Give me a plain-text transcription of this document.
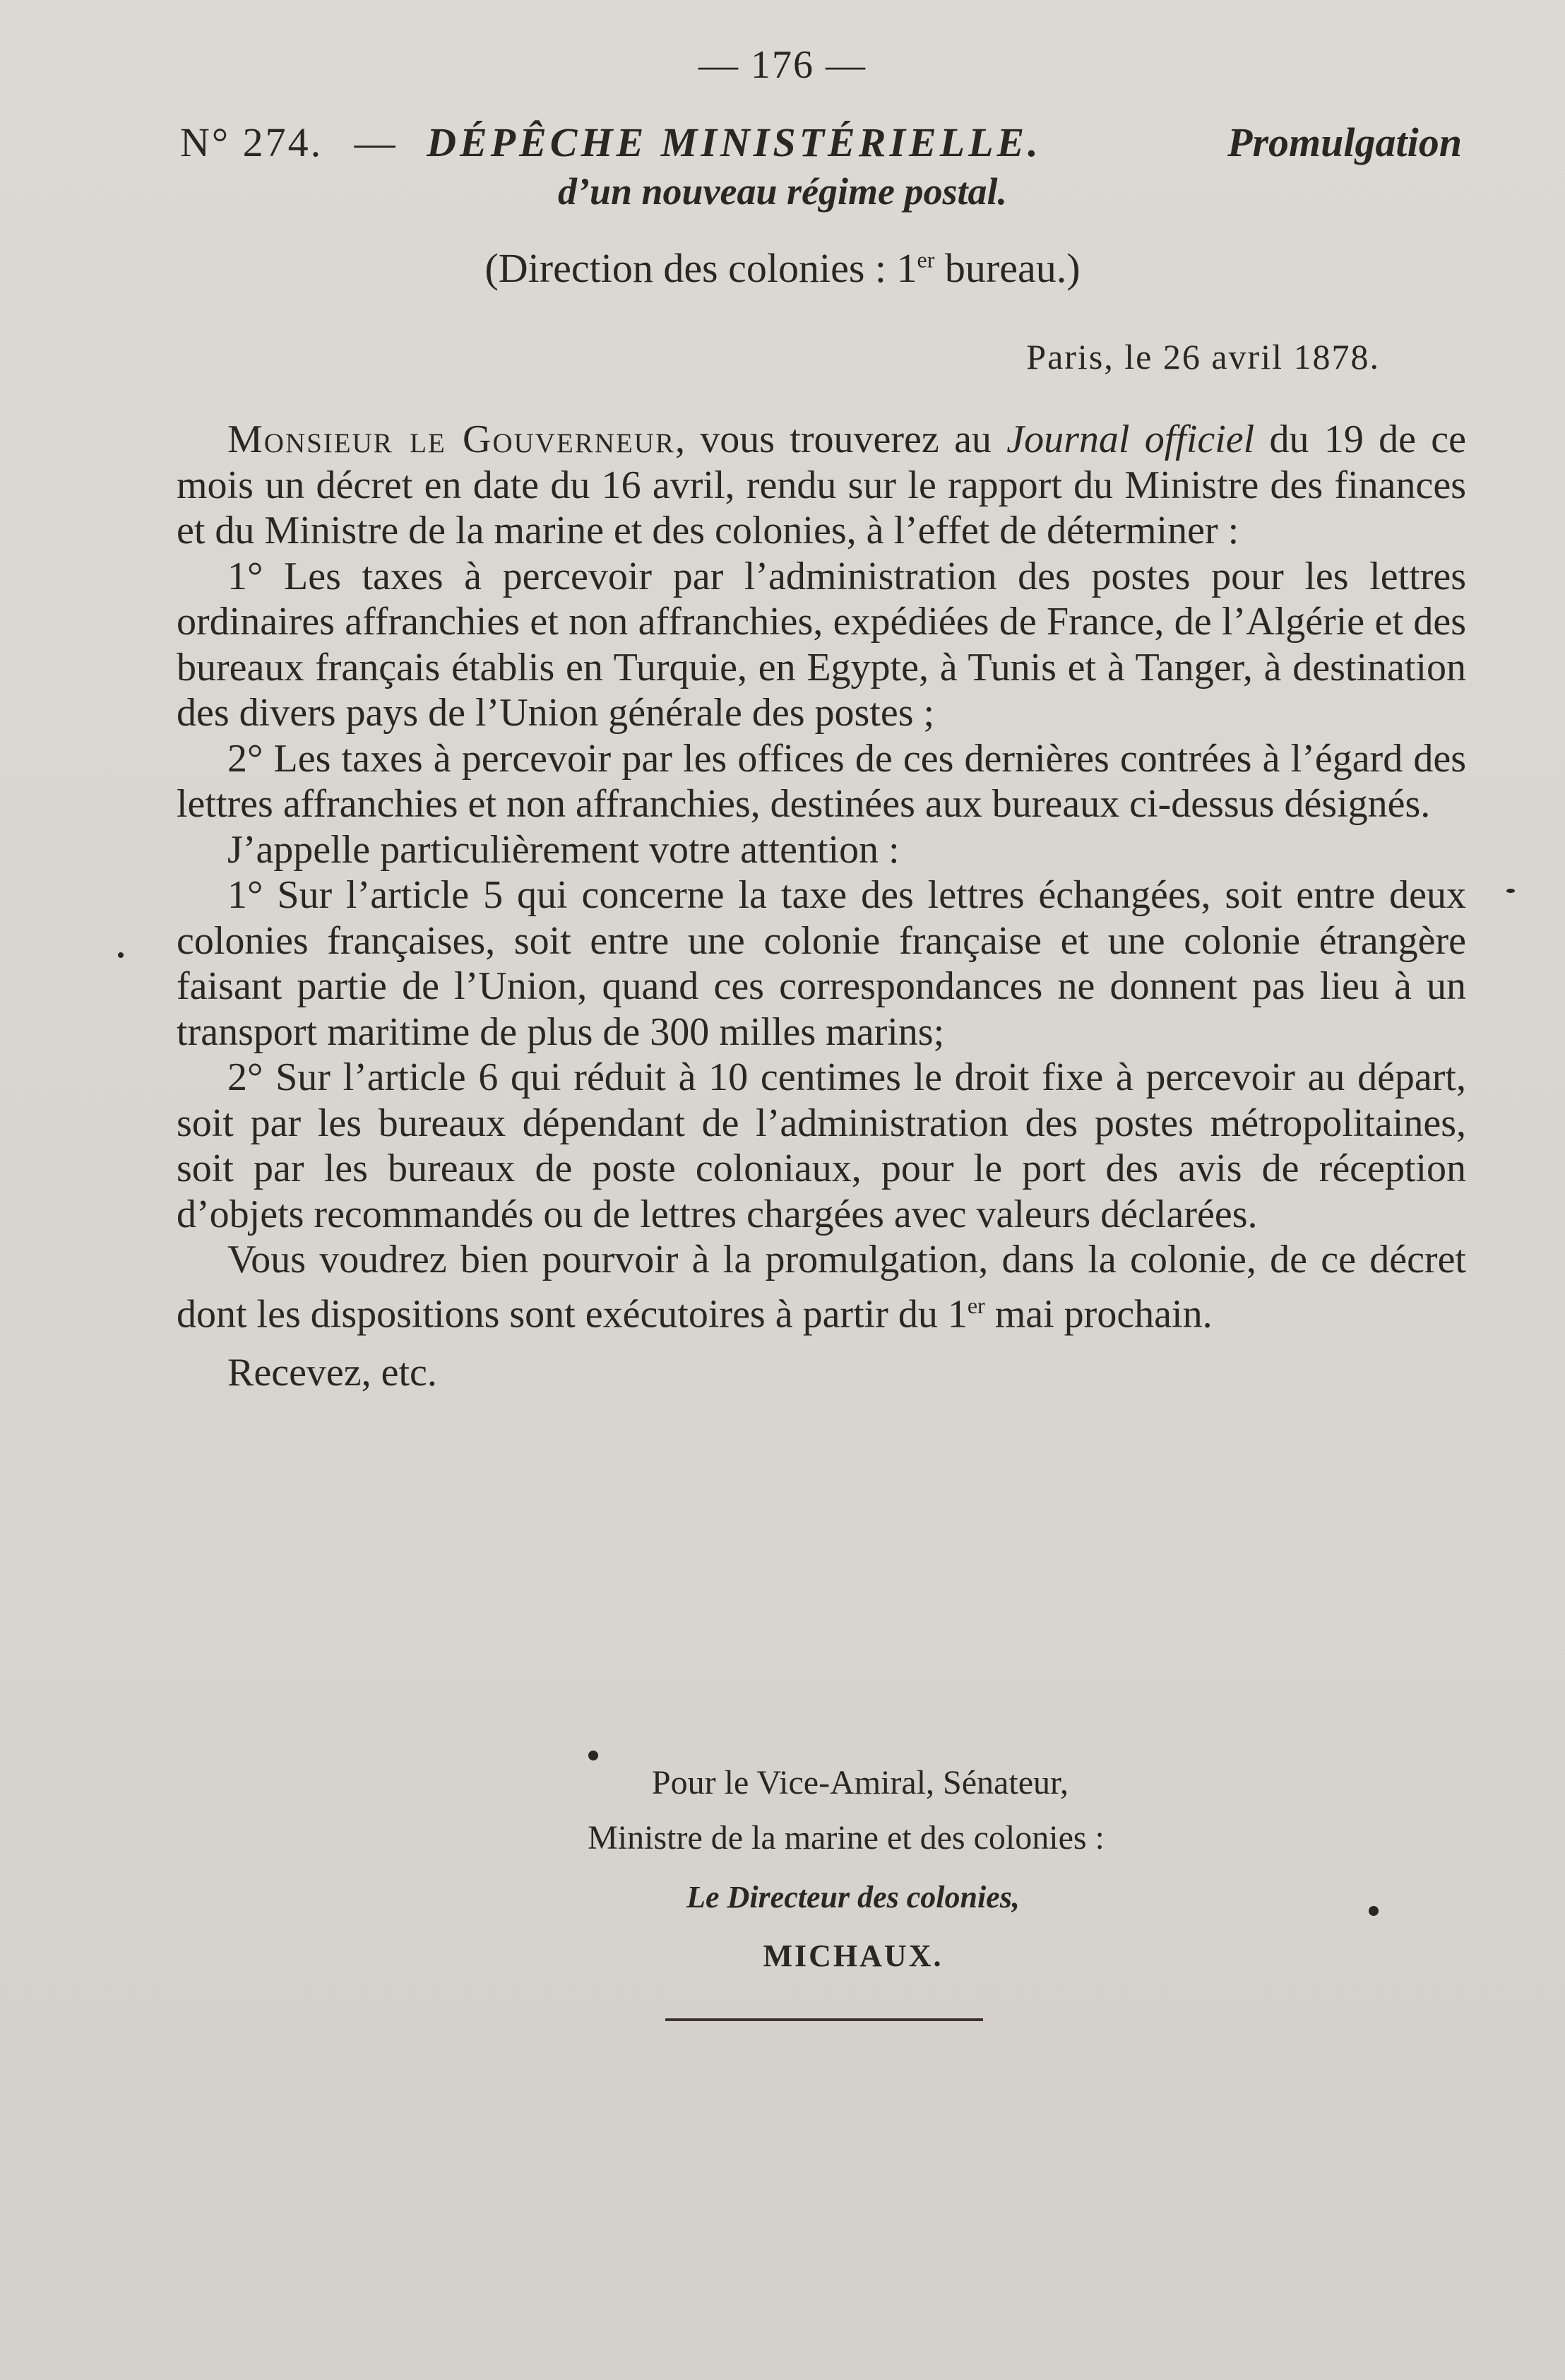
— 176 —
N° 274. — DÉPÊCHE MINISTÉRIELLE.	Promulgation
d’un nouveau régime postal.
(Direction des colonies : 1er bureau.)
Paris, le 26 avril 1878.

Monsieur le Gouverneur, vous trouverez au Journal officiel du 19 de ce mois un décret en date du 16 avril, rendu sur le rapport du Ministre des finances et du Ministre de la marine et des colonies, à l’effet de déterminer :

1° Les taxes à percevoir par l’administration des postes pour les lettres ordinaires affranchies et non affranchies, expédiées de France, de l’Algérie et des bureaux français établis en Turquie, en Egypte, à Tunis et à Tanger, à destination des divers pays de l’Union générale des postes ;

2° Les taxes à percevoir par les offices de ces dernières contrées à l’égard des lettres affranchies et non affranchies, destinées aux bureaux ci-dessus désignés.

J’appelle particulièrement votre attention :

1° Sur l’article 5 qui concerne la taxe des lettres échangées, soit entre deux colonies françaises, soit entre une colonie française et une colonie étrangère faisant partie de l’Union, quand ces correspondances ne donnent pas lieu à un transport maritime de plus de 300 milles marins;

2° Sur l’article 6 qui réduit à 10 centimes le droit fixe à percevoir au départ, soit par les bureaux dépendant de l’administration des postes métropolitaines, soit par les bureaux de poste coloniaux, pour le port des avis de réception d’objets recommandés ou de lettres chargées avec valeurs déclarées.

Vous voudrez bien pourvoir à la promulgation, dans la colonie, de ce décret dont les dispositions sont exécutoires à partir du 1er mai prochain.

Recevez, etc.

Pour le Vice-Amiral, Sénateur,
Ministre de la marine et des colonies :
Le Directeur des colonies,
MICHAUX.
